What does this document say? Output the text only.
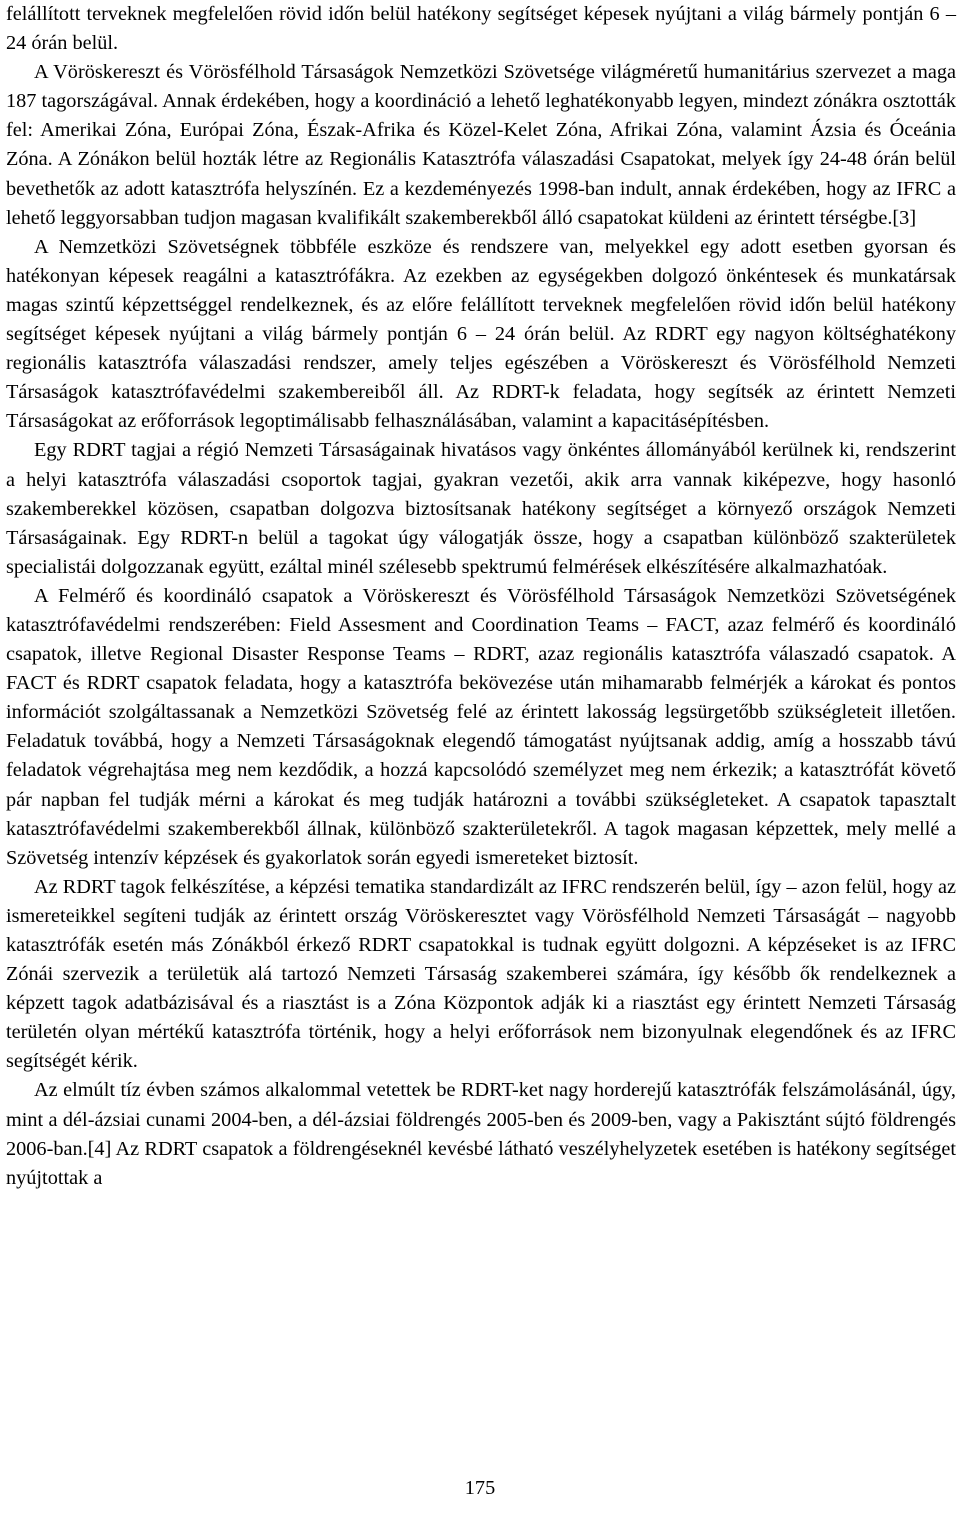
felállított terveknek megfelelően rövid időn belül hatékony segítséget képesek nyújtani a világ bármely pontján 6 – 24 órán belül.

A Vöröskereszt és Vörösfélhold Társaságok Nemzetközi Szövetsége világméretű humanitárius szervezet a maga 187 tagországával. Annak érdekében, hogy a koordináció a lehető leghatékonyabb legyen, mindezt zónákra osztották fel: Amerikai Zóna, Európai Zóna, Észak-Afrika és Közel-Kelet Zóna, Afrikai Zóna, valamint Ázsia és Óceánia Zóna. A Zónákon belül hozták létre az Regionális Katasztrófa válaszadási Csapatokat, melyek így 24-48 órán belül bevethetők az adott katasztrófa helyszínén. Ez a kezdeményezés 1998-ban indult, annak érdekében, hogy az IFRC a lehető leggyorsabban tudjon magasan kvalifikált szakemberekből álló csapatokat küldeni az érintett térségbe.[3]

A Nemzetközi Szövetségnek többféle eszköze és rendszere van, melyekkel egy adott esetben gyorsan és hatékonyan képesek reagálni a katasztrófákra. Az ezekben az egységekben dolgozó önkéntesek és munkatársak magas szintű képzettséggel rendelkeznek, és az előre felállított terveknek megfelelően rövid időn belül hatékony segítséget képesek nyújtani a világ bármely pontján 6 – 24 órán belül. Az RDRT egy nagyon költséghatékony regionális katasztrófa válaszadási rendszer, amely teljes egészében a Vöröskereszt és Vörösfélhold Nemzeti Társaságok katasztrófavédelmi szakembereiből áll. Az RDRT-k feladata, hogy segítsék az érintett Nemzeti Társaságokat az erőforrások legoptimálisabb felhasználásában, valamint a kapacitásépítésben.

Egy RDRT tagjai a régió Nemzeti Társaságainak hivatásos vagy önkéntes állományából kerülnek ki, rendszerint a helyi katasztrófa válaszadási csoportok tagjai, gyakran vezetői, akik arra vannak kiképezve, hogy hasonló szakemberekkel közösen, csapatban dolgozva biztosítsanak hatékony segítséget a környező országok Nemzeti Társaságainak. Egy RDRT-n belül a tagokat úgy válogatják össze, hogy a csapatban különböző szakterületek specialistái dolgozzanak együtt, ezáltal minél szélesebb spektrumú felmérések elkészítésére alkalmazhatóak.

A Felmérő és koordináló csapatok a Vöröskereszt és Vörösfélhold Társaságok Nemzetközi Szövetségének katasztrófavédelmi rendszerében: Field Assesment and Coordination Teams – FACT, azaz felmérő és koordináló csapatok, illetve Regional Disaster Response Teams – RDRT, azaz regionális katasztrófa válaszadó csapatok. A FACT és RDRT csapatok feladata, hogy a katasztrófa bekövezése után mihamarabb felmérjék a károkat és pontos információt szolgáltassanak a Nemzetközi Szövetség felé az érintett lakosság legsürgetőbb szükségleteit illetően. Feladatuk továbbá, hogy a Nemzeti Társaságoknak elegendő támogatást nyújtsanak addig, amíg a hosszabb távú feladatok végrehajtása meg nem kezdődik, a hozzá kapcsolódó személyzet meg nem érkezik; a katasztrófát követő pár napban fel tudják mérni a károkat és meg tudják határozni a további szükségleteket. A csapatok tapasztalt katasztrófavédelmi szakemberekből állnak, különböző szakterületekről. A tagok magasan képzettek, mely mellé a Szövetség intenzív képzések és gyakorlatok során egyedi ismereteket biztosít.

Az RDRT tagok felkészítése, a képzési tematika standardizált az IFRC rendszerén belül, így – azon felül, hogy az ismereteikkel segíteni tudják az érintett ország Vöröskeresztet vagy Vörösfélhold Nemzeti Társaságát – nagyobb katasztrófák esetén más Zónákból érkező RDRT csapatokkal is tudnak együtt dolgozni. A képzéseket is az IFRC Zónái szervezik a területük alá tartozó Nemzeti Társaság szakemberei számára, így később ők rendelkeznek a képzett tagok adatbázisával és a riasztást is a Zóna Központok adják ki a riasztást egy érintett Nemzeti Társaság területén olyan mértékű katasztrófa történik, hogy a helyi erőforrások nem bizonyulnak elegendőnek és az IFRC segítségét kérik.

Az elmúlt tíz évben számos alkalommal vetettek be RDRT-ket nagy horderejű katasztrófák felszámolásánál, úgy, mint a dél-ázsiai cunami 2004-ben, a dél-ázsiai földrengés 2005-ben és 2009-ben, vagy a Pakisztánt sújtó földrengés 2006-ban.[4] Az RDRT csapatok a földrengéseknél kevésbé látható veszélyhelyzetek esetében is hatékony segítséget nyújtottak a

175
